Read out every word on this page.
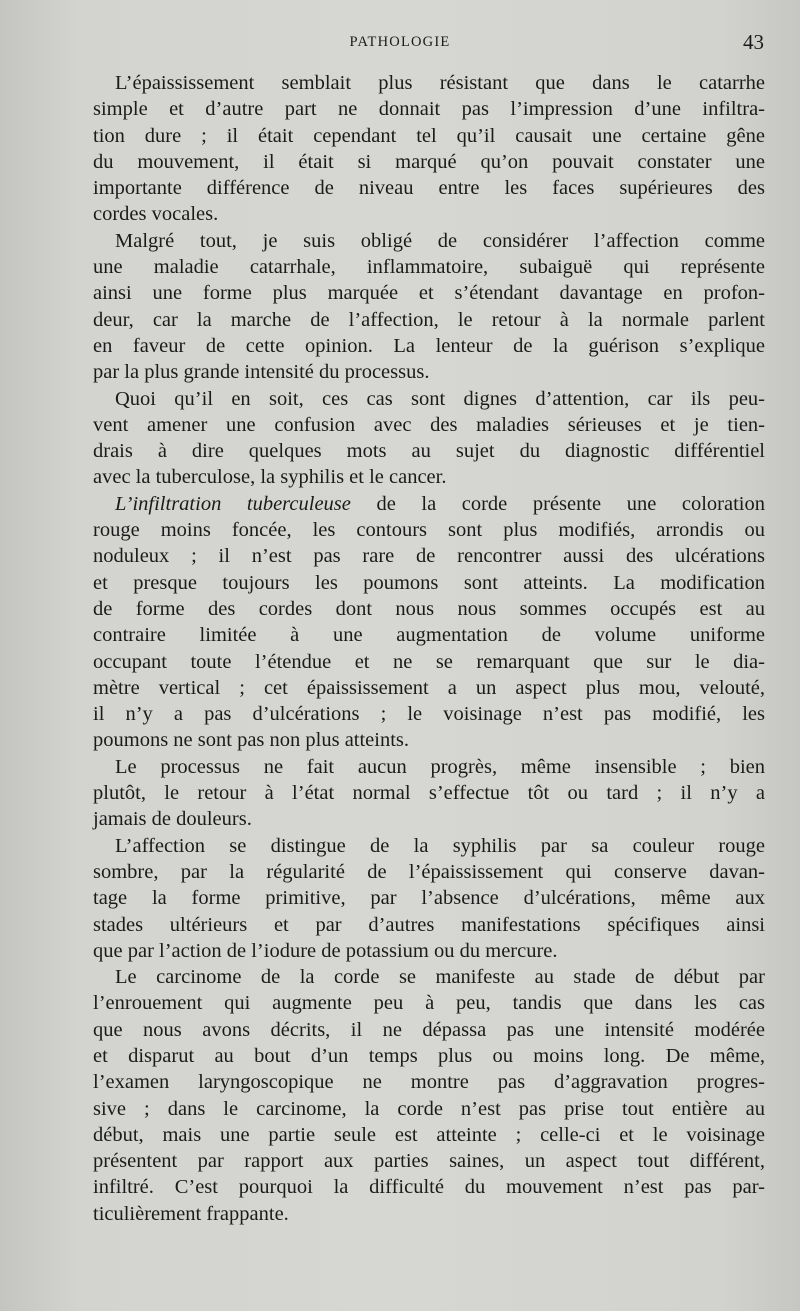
PATHOLOGIE	43
L’épaississement semblait plus résistant que dans le catarrhe
simple et d’autre part ne donnait pas l’impression d’une infiltra-
tion dure ; il était cependant tel qu’il causait une certaine gêne
du mouvement, il était si marqué qu’on pouvait constater une
importante différence de niveau entre les faces supérieures des
cordes vocales.
Malgré tout, je suis obligé de considérer l’affection comme
une maladie catarrhale, inflammatoire, subaiguë qui représente
ainsi une forme plus marquée et s’étendant davantage en profon-
deur, car la marche de l’affection, le retour à la normale parlent
en faveur de cette opinion. La lenteur de la guérison s’explique
par la plus grande intensité du processus.
Quoi qu’il en soit, ces cas sont dignes d’attention, car ils peu-
vent amener une confusion avec des maladies sérieuses et je tien-
drais à dire quelques mots au sujet du diagnostic différentiel
avec la tuberculose, la syphilis et le cancer.
L’infiltration tuberculeuse de la corde présente une coloration
rouge moins foncée, les contours sont plus modifiés, arrondis ou
noduleux ; il n’est pas rare de rencontrer aussi des ulcérations
et presque toujours les poumons sont atteints. La modification
de forme des cordes dont nous nous sommes occupés est au
contraire limitée à une augmentation de volume uniforme
occupant toute l’étendue et ne se remarquant que sur le dia-
mètre vertical ; cet épaississement a un aspect plus mou, velouté,
il n’y a pas d’ulcérations ; le voisinage n’est pas modifié, les
poumons ne sont pas non plus atteints.
Le processus ne fait aucun progrès, même insensible ; bien
plutôt, le retour à l’état normal s’effectue tôt ou tard ; il n’y a
jamais de douleurs.
L’affection se distingue de la syphilis par sa couleur rouge
sombre, par la régularité de l’épaississement qui conserve davan-
tage la forme primitive, par l’absence d’ulcérations, même aux
stades ultérieurs et par d’autres manifestations spécifiques ainsi
que par l’action de l’iodure de potassium ou du mercure.
Le carcinome de la corde se manifeste au stade de début par
l’enrouement qui augmente peu à peu, tandis que dans les cas
que nous avons décrits, il ne dépassa pas une intensité modérée
et disparut au bout d’un temps plus ou moins long. De même,
l’examen laryngoscopique ne montre pas d’aggravation progres-
sive ; dans le carcinome, la corde n’est pas prise tout entière au
début, mais une partie seule est atteinte ; celle-ci et le voisinage
présentent par rapport aux parties saines, un aspect tout différent,
infiltré. C’est pourquoi la difficulté du mouvement n’est pas par-
ticulièrement frappante.
